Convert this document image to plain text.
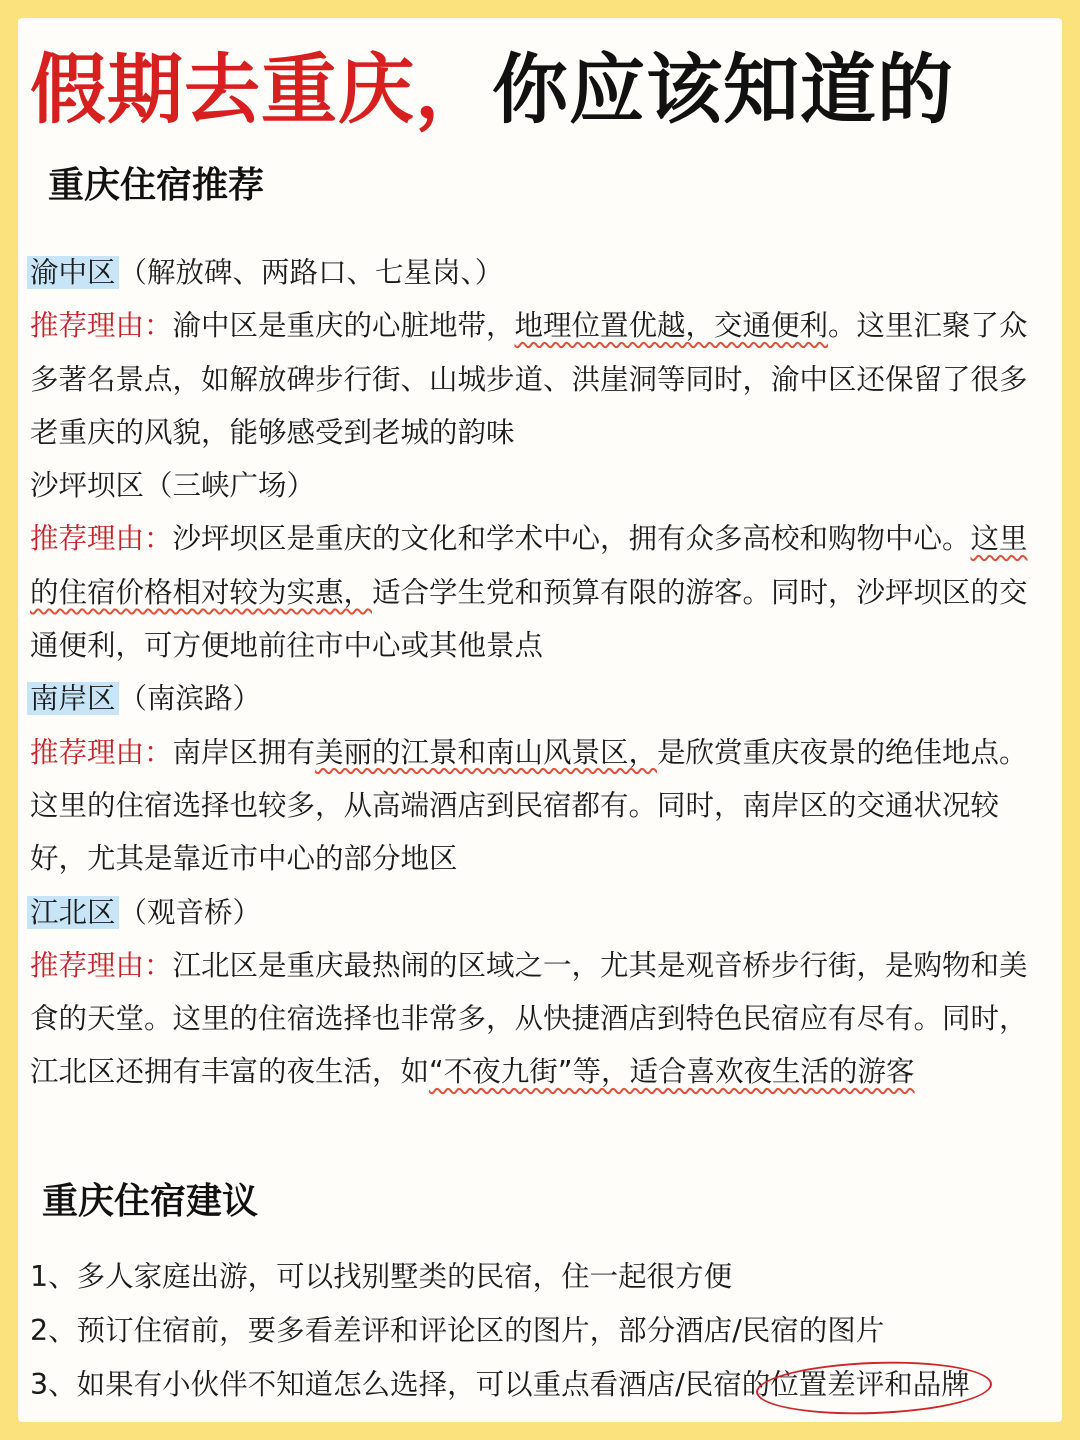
假期去重庆，你应该知道的
重庆住宿推荐

渝中区 （解放碑、两路口、七星岗、）

推荐理由：渝中区是重庆的心脏地带，地理位置优越，交通便利。这里汇聚了众多著名景点，如解放碑步行街、山城步道、洪崖洞等同时，渝中区还保留了很多老重庆的风貌，能够感受到老城的韵味

沙坪坝区（三峡广场）

推荐理由：沙坪坝区是重庆的文化和学术中心，拥有众多高校和购物中心。这里的住宿价格相对较为实惠，适合学生党和预算有限的游客。同时，沙坪坝区的交通便利，可方便地前往市中心或其他景点

南岸区 （南滨路）

推荐理由：南岸区拥有美丽的江景和南山风景区，是欣赏重庆夜景的绝佳地点。这里的住宿选择也较多，从高端酒店到民宿都有。同时，南岸区的交通状况较好，尤其是靠近市中心的部分地区

江北区 （观音桥）

推荐理由：江北区是重庆最热闹的区域之一，尤其是观音桥步行街，是购物和美食的天堂。这里的住宿选择也非常多，从快捷酒店到特色民宿应有尽有。同时，江北区还拥有丰富的夜生活，如“不夜九街”等，适合喜欢夜生活的游客

重庆住宿建议

1、多人家庭出游，可以找别墅类的民宿，住一起很方便

2、预订住宿前，要多看差评和评论区的图片，部分酒店/民宿的图片

3、如果有小伙伴不知道怎么选择，可以重点看酒店/民宿的
位置差评和品牌
